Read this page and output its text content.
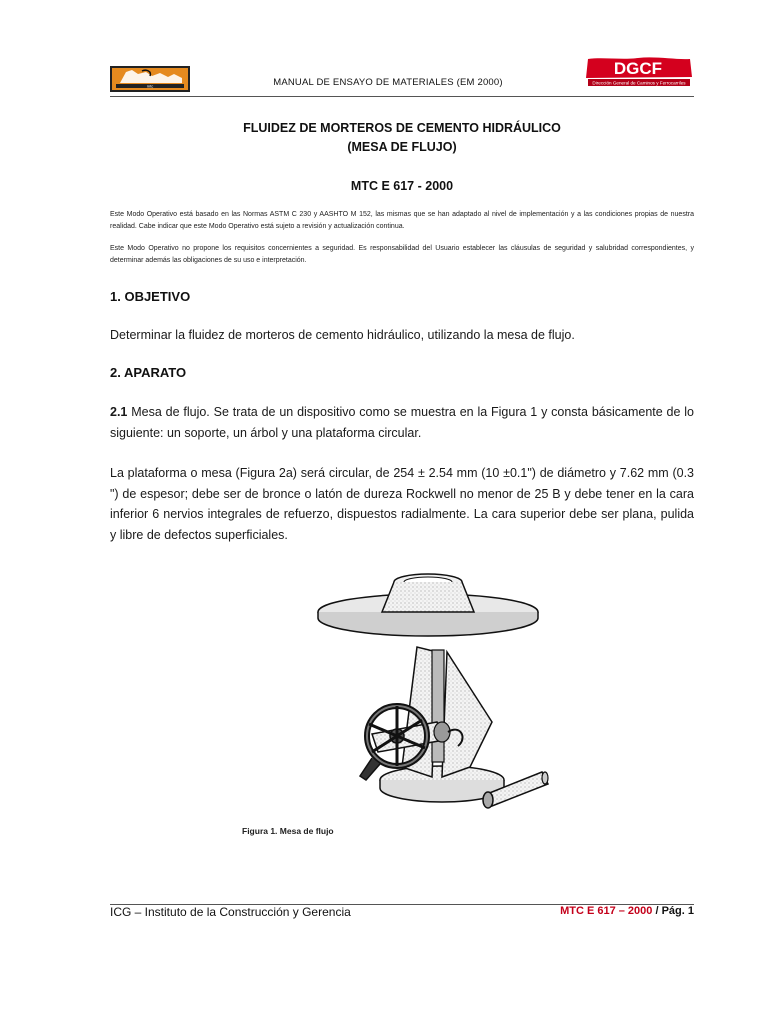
mtc	MANUAL DE ENSAYO DE MATERIALES (EM 2000)
DGCF
Dirección General de Caminos y Ferrocarriles
FLUIDEZ DE MORTEROS DE CEMENTO HIDRÁULICO
(MESA DE FLUJO)
MTC E 617 - 2000
Este Modo Operativo está basado en las Normas ASTM C 230 y AASHTO M 152, las mismas que se han adaptado al nivel de implementación y a las condiciones propias de nuestra realidad. Cabe indicar que este Modo Operativo está sujeto a revisión y actualización continua.
Este Modo Operativo no propone los requisitos concernientes a seguridad. Es responsabilidad del Usuario establecer las cláusulas de seguridad y salubridad correspondientes, y determinar además las obligaciones de su uso e interpretación.
1. OBJETIVO
Determinar la fluidez de morteros de cemento hidráulico, utilizando la mesa de flujo.
2. APARATO
2.1 Mesa de flujo. Se trata de un dispositivo como se muestra en la Figura 1 y consta básicamente de lo siguiente: un soporte, un árbol y una plataforma circular.
La plataforma o mesa (Figura 2a) será circular, de 254 ± 2.54 mm (10 ±0.1") de diámetro y 7.62 mm (0.3 ") de espesor; debe ser de bronce o latón de dureza Rockwell no menor de 25 B y debe tener en la cara inferior 6 nervios integrales de refuerzo, dispuestos radialmente. La cara superior debe ser plana, pulida y libre de defectos superficiales.
Figura 1. Mesa de flujo
ICG – Instituto de la Construcción y Gerencia	MTC E 617 – 2000 / Pág. 1
